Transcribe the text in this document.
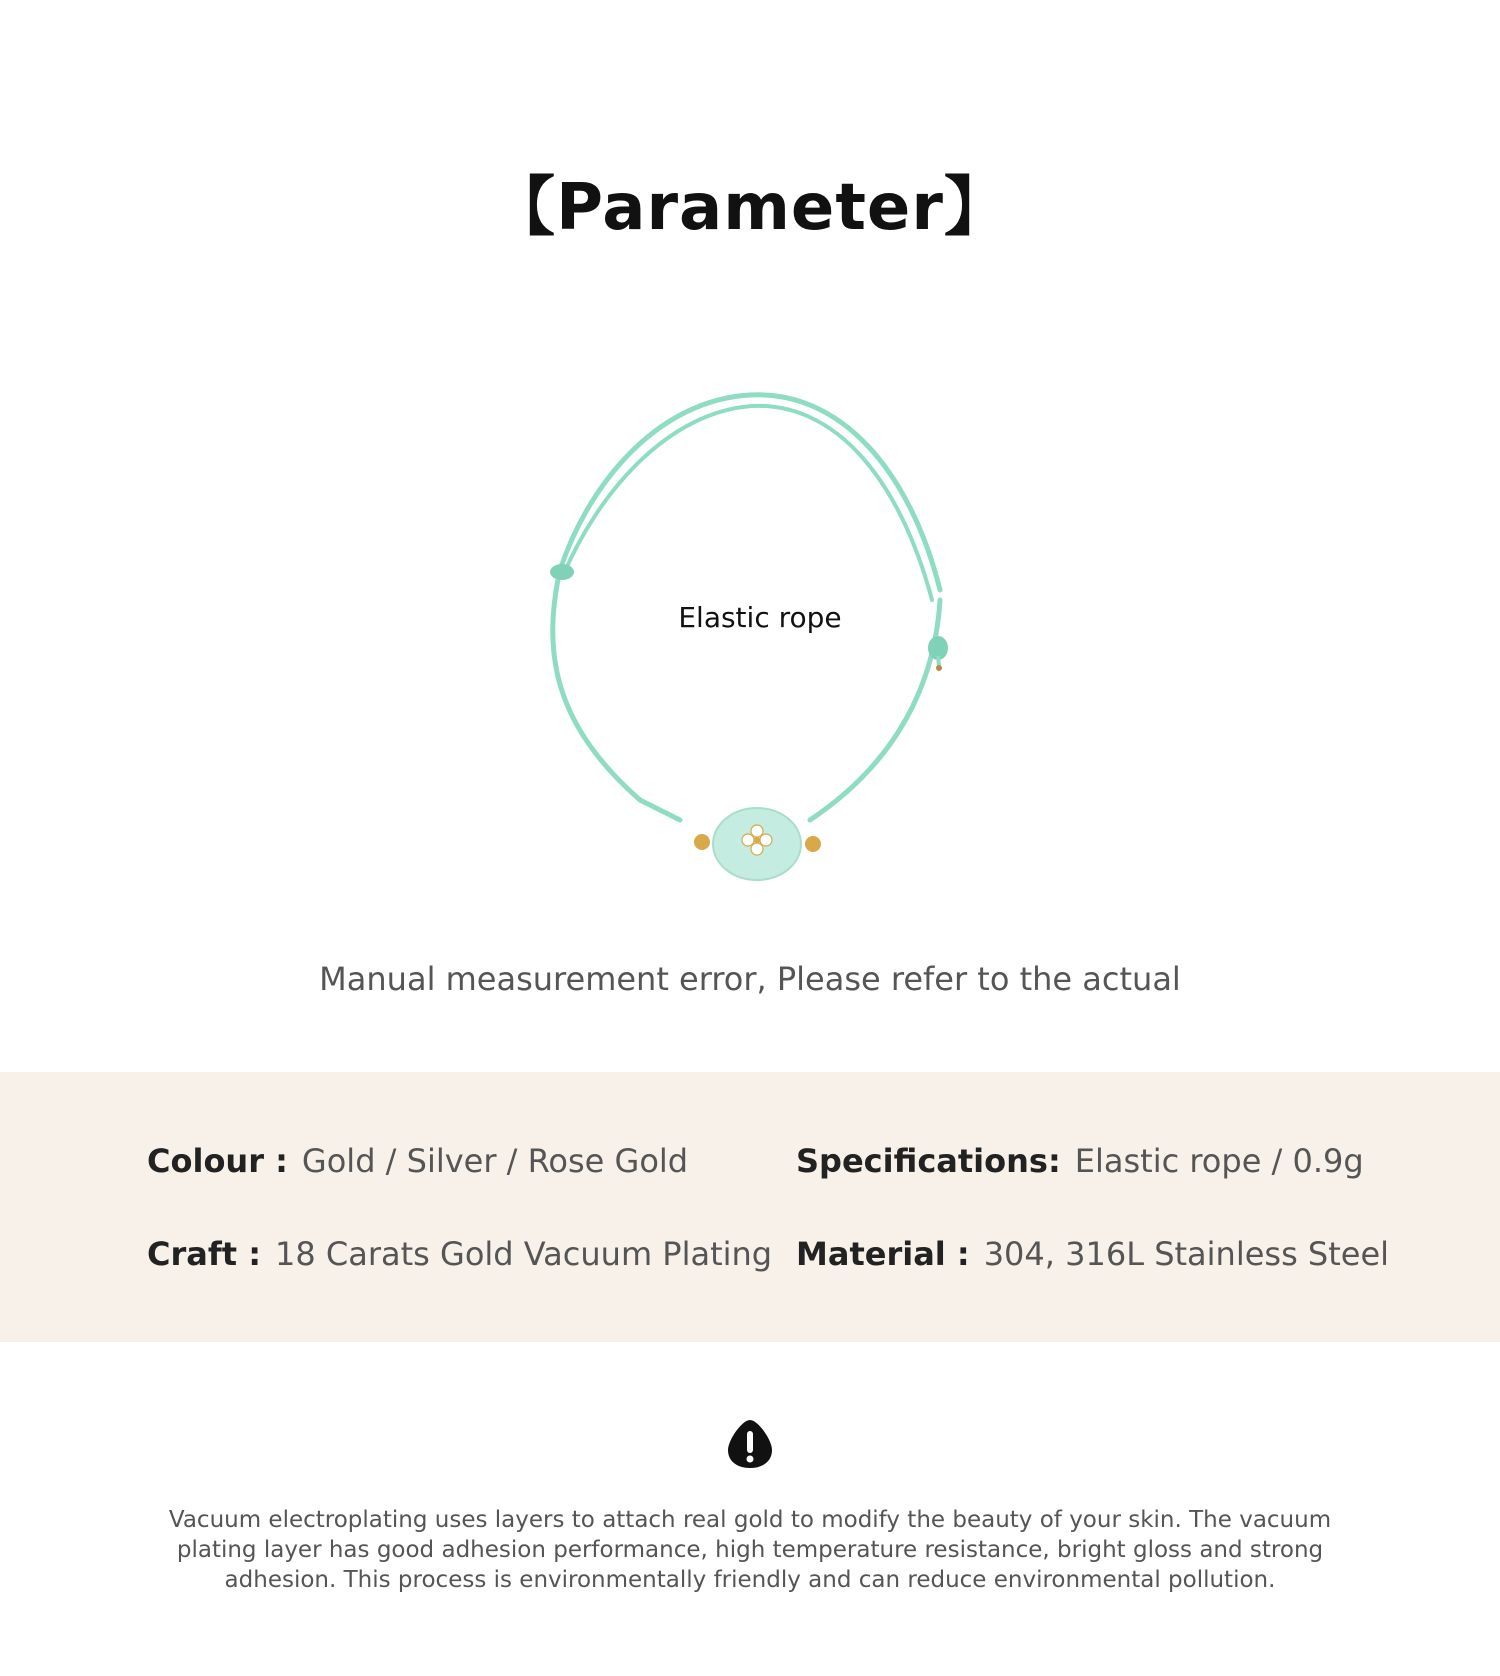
【Parameter】
Elastic rope
Manual measurement error, Please refer to the actual
Colour : Gold / Silver / Rose Gold	Specifications: Elastic rope / 0.9g
Craft : 18 Carats Gold Vacuum Plating Material : 304, 316L Stainless Steel
Vacuum electroplating uses layers to attach real gold to modify the beauty of your skin. The vacuum plating layer has good adhesion performance, high temperature resistance, bright gloss and strong adhesion. This process is environmentally friendly and can reduce environmental pollution.
